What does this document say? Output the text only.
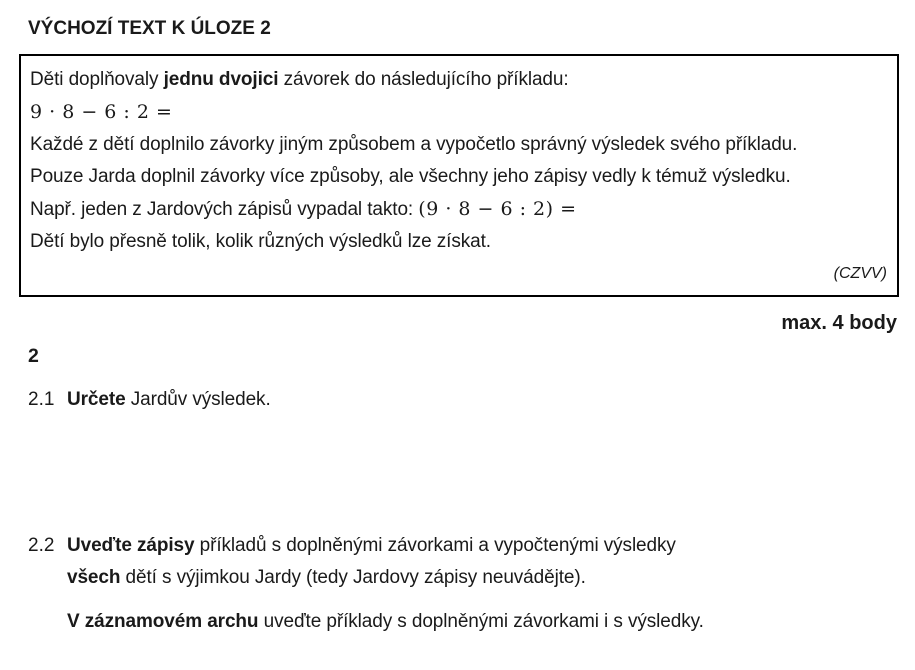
VÝCHOZÍ TEXT K ÚLOZE 2
Děti doplňovaly jednu dvojici závorek do následujícího příkladu:
9 · 8 − 6 : 2 =
Každé z dětí doplnilo závorky jiným způsobem a vypočetlo správný výsledek svého příkladu.
Pouze Jarda doplnil závorky více způsoby, ale všechny jeho zápisy vedly k témuž výsledku.
Např. jeden z Jardových zápisů vypadal takto: (9 · 8 − 6 : 2) =
Dětí bylo přesně tolik, kolik různých výsledků lze získat.
(CZVV)
max. 4 body
2
2.1 Určete Jardův výsledek.
2.2 Uveďte zápisy příkladů s doplněnými závorkami a vypočtenými výsledky
všech dětí s výjimkou Jardy (tedy Jardovy zápisy neuvádějte).
V záznamovém archu uveďte příklady s doplněnými závorkami i s výsledky.
